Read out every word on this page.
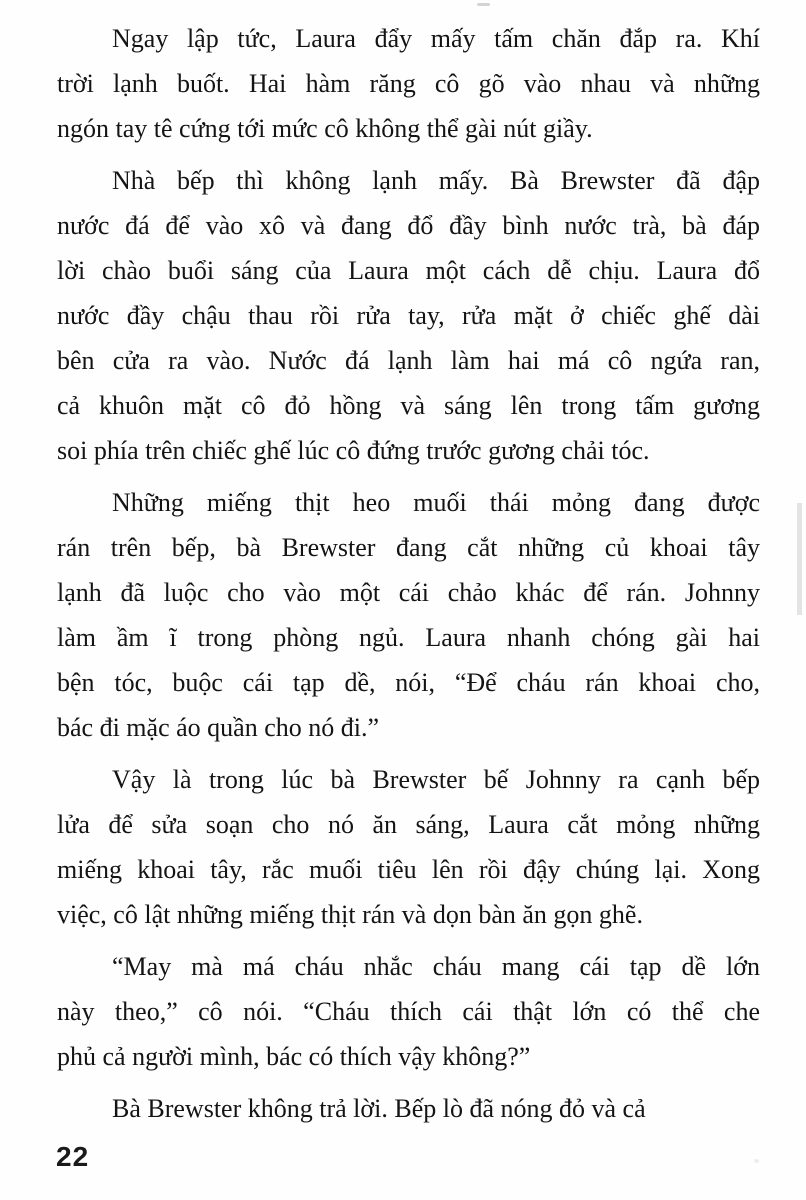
Ngay lập tức, Laura đẩy mấy tấm chăn đắp ra. Khí
trời lạnh buốt. Hai hàm răng cô gõ vào nhau và những
ngón tay tê cứng tới mức cô không thể gài nút giầy.

Nhà bếp thì không lạnh mấy. Bà Brewster đã đập
nước đá để vào xô và đang đổ đầy bình nước trà, bà đáp
lời chào buổi sáng của Laura một cách dễ chịu. Laura đổ
nước đầy chậu thau rồi rửa tay, rửa mặt ở chiếc ghế dài
bên cửa ra vào. Nước đá lạnh làm hai má cô ngứa ran,
cả khuôn mặt cô đỏ hồng và sáng lên trong tấm gương
soi phía trên chiếc ghế lúc cô đứng trước gương chải tóc.

Những miếng thịt heo muối thái mỏng đang được
rán trên bếp, bà Brewster đang cắt những củ khoai tây
lạnh đã luộc cho vào một cái chảo khác để rán. Johnny
làm ầm ĩ trong phòng ngủ. Laura nhanh chóng gài hai
bện tóc, buộc cái tạp dề, nói, “Để cháu rán khoai cho,
bác đi mặc áo quần cho nó đi.”

Vậy là trong lúc bà Brewster bế Johnny ra cạnh bếp
lửa để sửa soạn cho nó ăn sáng, Laura cắt mỏng những
miếng khoai tây, rắc muối tiêu lên rồi đậy chúng lại. Xong
việc, cô lật những miếng thịt rán và dọn bàn ăn gọn ghẽ.

“May mà má cháu nhắc cháu mang cái tạp dề lớn
này theo,” cô nói. “Cháu thích cái thật lớn có thể che
phủ cả người mình, bác có thích vậy không?”

Bà Brewster không trả lời. Bếp lò đã nóng đỏ và cả

22
